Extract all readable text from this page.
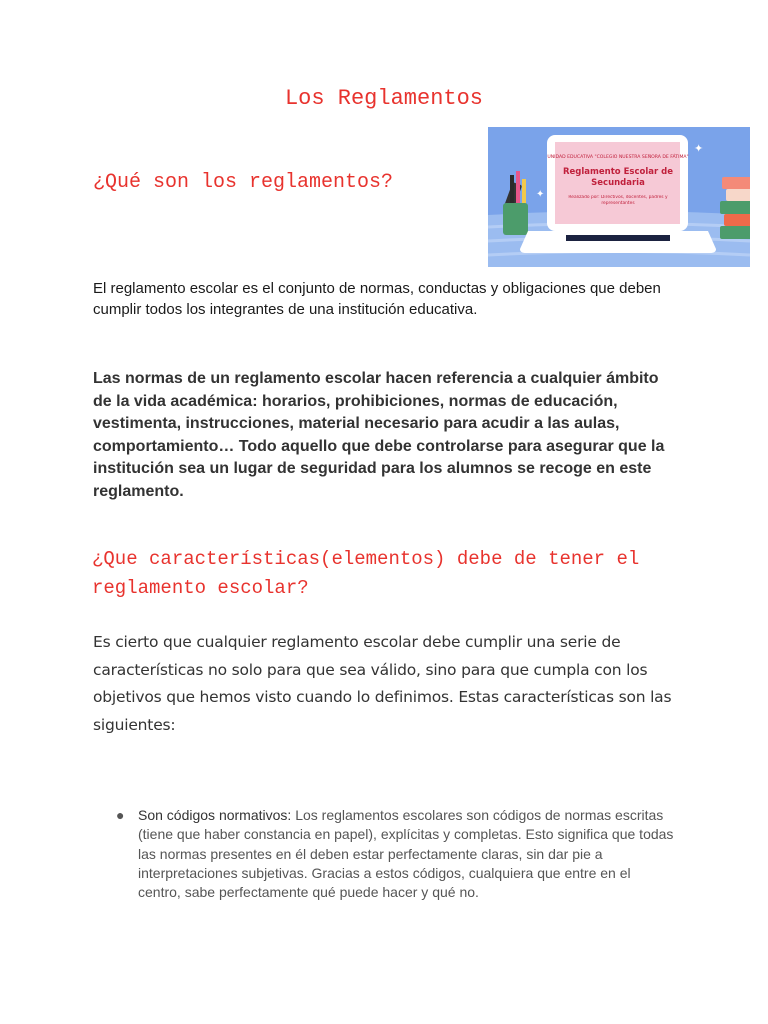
Los Reglamentos
¿Qué son los reglamentos?
✦
✦
UNIDAD EDUCATIVA "COLEGIO NUESTRA SEÑORA DE FÁTIMA"
Reglamento Escolar de Secundaria
Realizado por: Directivos, docentes, padres y representantes

El reglamento escolar es el conjunto de normas, conductas y obligaciones que deben cumplir todos los integrantes de una institución educativa.

Las normas de un reglamento escolar hacen referencia a cualquier ámbito de la vida académica: horarios, prohibiciones, normas de educación, vestimenta, instrucciones, material necesario para acudir a las aulas, comportamiento… Todo aquello que debe controlarse para asegurar que la institución sea un lugar de seguridad para los alumnos se recoge en este reglamento.

¿Que características(elementos) debe de tener el reglamento escolar?

Es cierto que cualquier reglamento escolar debe cumplir una serie de características no solo para que sea válido, sino para que cumpla con los objetivos que hemos visto cuando lo definimos. Estas características son las siguientes:

● Son códigos normativos: Los reglamentos escolares son códigos de normas escritas (tiene que haber constancia en papel), explícitas y completas. Esto significa que todas las normas presentes en él deben estar perfectamente claras, sin dar pie a interpretaciones subjetivas. Gracias a estos códigos, cualquiera que entre en el centro, sabe perfectamente qué puede hacer y qué no.
